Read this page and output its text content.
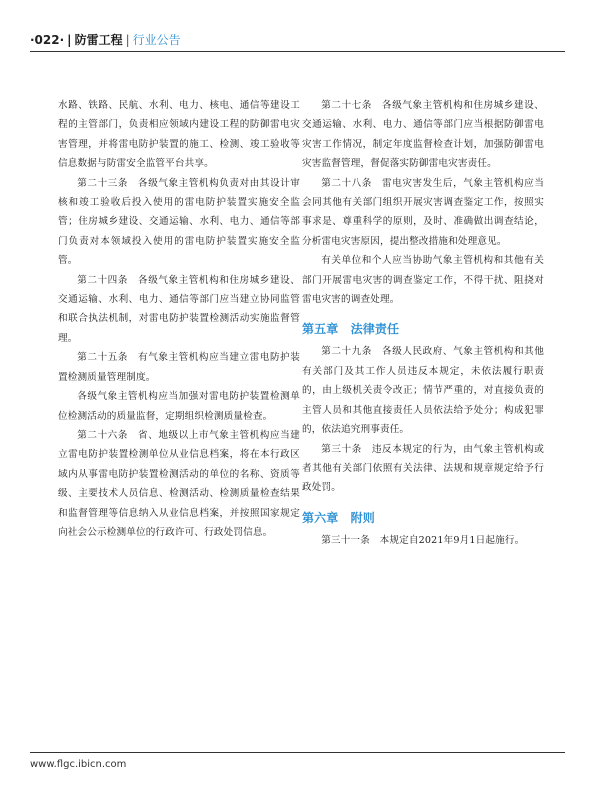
·022· | 防雷工程 | 行业公告

水路、铁路、民航、水利、电力、核电、通信等建设工程的主管部门，负责相应领域内建设工程的防御雷电灾害管理，并将雷电防护装置的施工、检测、竣工验收等信息数据与防雷安全监管平台共享。

第二十三条　各级气象主管机构负责对由其设计审核和竣工验收后投入使用的雷电防护装置实施安全监管；住房城乡建设、交通运输、水利、电力、通信等部门负责对本领域投入使用的雷电防护装置实施安全监管。

第二十四条　各级气象主管机构和住房城乡建设、交通运输、水利、电力、通信等部门应当建立协同监管和联合执法机制，对雷电防护装置检测活动实施监督管理。

第二十五条　有气象主管机构应当建立雷电防护装置检测质量管理制度。

各级气象主管机构应当加强对雷电防护装置检测单位检测活动的质量监督，定期组织检测质量检查。

第二十六条　省、地级以上市气象主管机构应当建立雷电防护装置检测单位从业信息档案，将在本行政区域内从事雷电防护装置检测活动的单位的名称、资质等级、主要技术人员信息、检测活动、检测质量检查结果和监督管理等信息纳入从业信息档案，并按照国家规定向社会公示检测单位的行政许可、行政处罚信息。

第二十七条　各级气象主管机构和住房城乡建设、交通运输、水利、电力、通信等部门应当根据防御雷电灾害工作情况，制定年度监督检查计划，加强防御雷电灾害监督管理，督促落实防御雷电灾害责任。

第二十八条　雷电灾害发生后，气象主管机构应当会同其他有关部门组织开展灾害调查鉴定工作，按照实事求是、尊重科学的原则，及时、准确做出调查结论，分析雷电灾害原因，提出整改措施和处理意见。

有关单位和个人应当协助气象主管机构和其他有关部门开展雷电灾害的调查鉴定工作，不得干扰、阻挠对雷电灾害的调查处理。

第五章　法律责任

第二十九条　各级人民政府、气象主管机构和其他有关部门及其工作人员违反本规定，未依法履行职责的，由上级机关责令改正；情节严重的，对直接负责的主管人员和其他直接责任人员依法给予处分；构成犯罪的，依法追究刑事责任。

第三十条　违反本规定的行为，由气象主管机构或者其他有关部门依照有关法律、法规和规章规定给予行政处罚。

第六章　附则

第三十一条　本规定自2021年9月1日起施行。

www.flgc.ibicn.com
